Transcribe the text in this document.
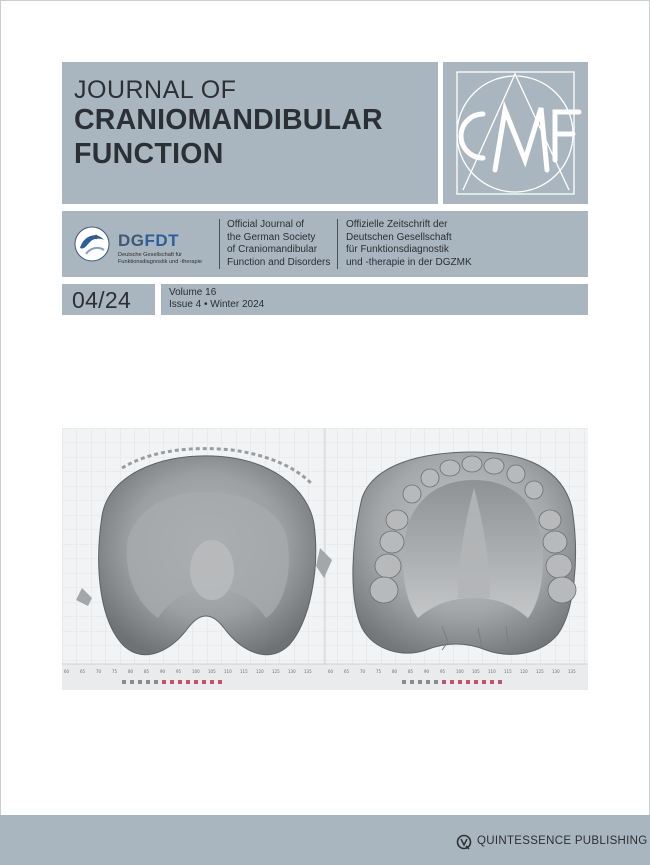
JOURNAL OF
CRANIOMANDIBULAR
FUNCTION
DGFDT
Deutsche Gesellschaft für
Funktionsdiagnostik und -therapie
Official Journal of
the German Society
of Craniomandibular
Function and Disorders
Offizielle Zeitschrift der
Deutschen Gesellschaft
für Funktionsdiagnostik
und -therapie in der DGZMK
04/24	Volume 16
Issue 4 • Winter 2024
60	65	70	75	80	85	90	95	100 105 110 115 120 125 130 135	60	65	70	75	80	85	90	95	100 105 110 115 120 125 130 135
QUINTESSENCE PUBLISHING
